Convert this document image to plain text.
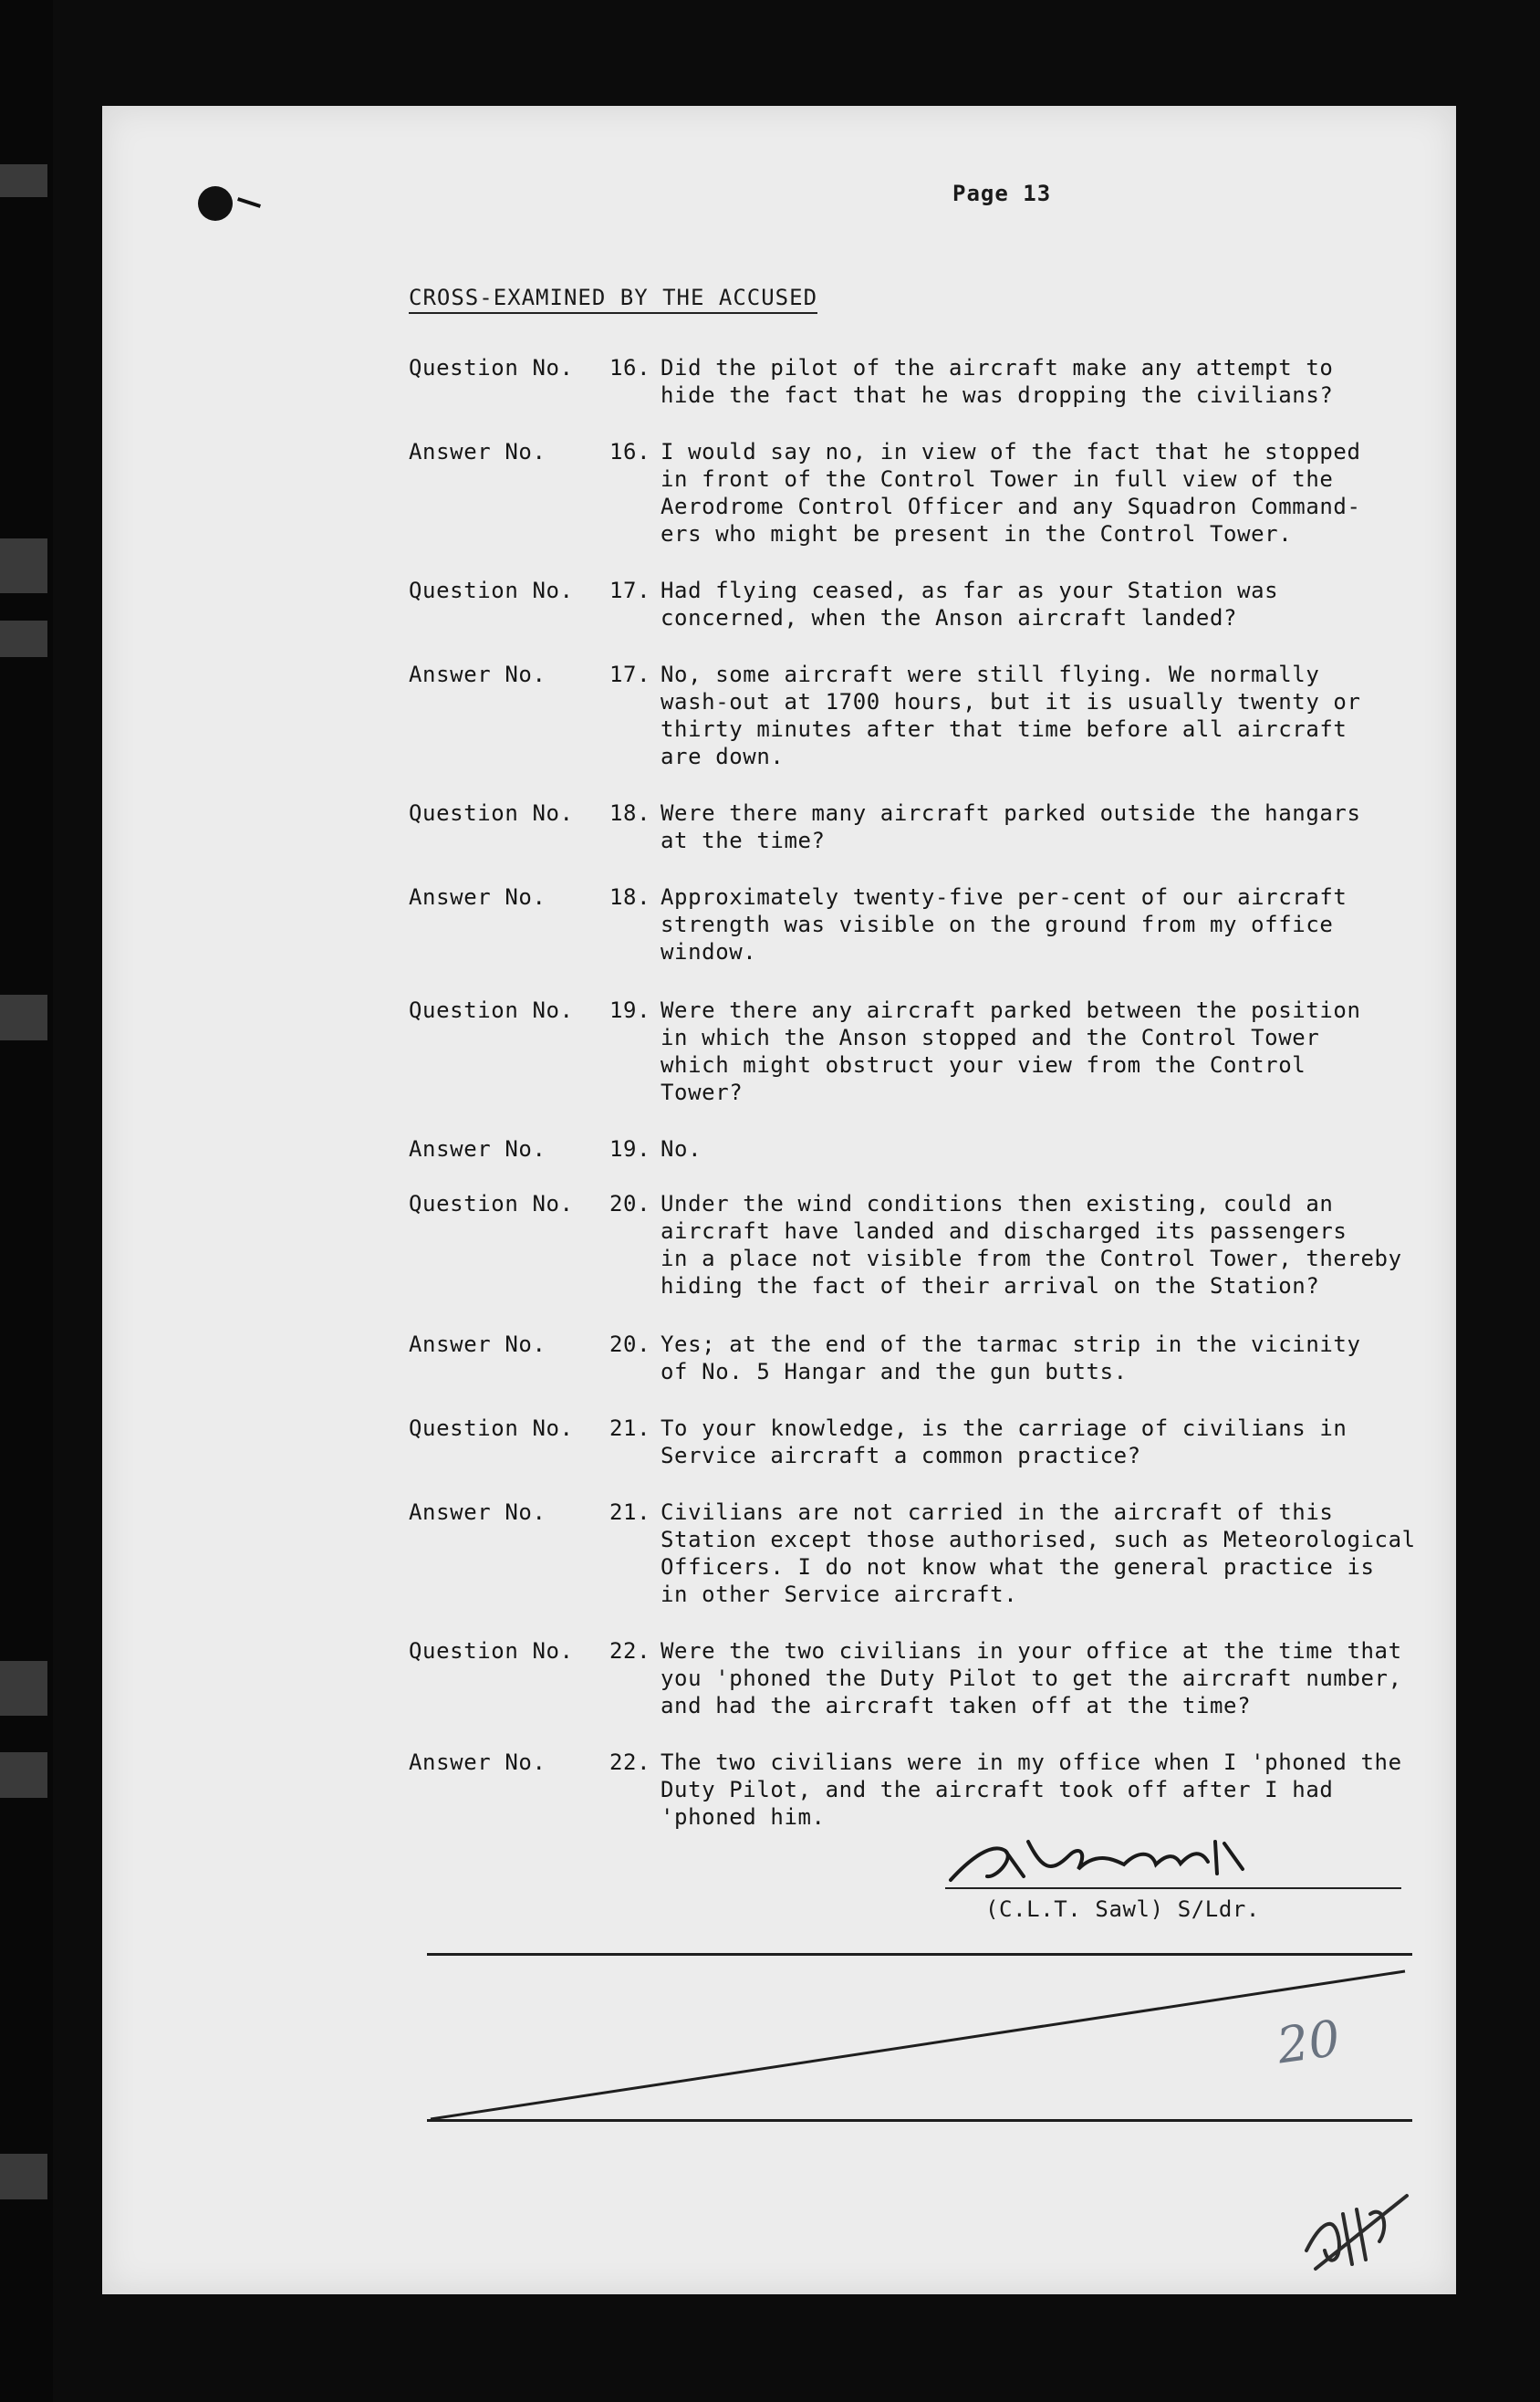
Page 13
CROSS-EXAMINED BY THE ACCUSED
Question No.	16. Did the pilot of the aircraft make any attempt to
hide the fact that he was dropping the civilians?
Answer No.	16. I would say no, in view of the fact that he stopped
in front of the Control Tower in full view of the
Aerodrome Control Officer and any Squadron Command-
ers who might be present in the Control Tower.
Question No.	17. Had flying ceased, as far as your Station was
concerned, when the Anson aircraft landed?
Answer No.	17. No, some aircraft were still flying. We normally
wash-out at 1700 hours, but it is usually twenty or
thirty minutes after that time before all aircraft
are down.
Question No.	18. Were there many aircraft parked outside the hangars
at the time?
Answer No.	18. Approximately twenty-five per-cent of our aircraft
strength was visible on the ground from my office
window.
Question No.	19. Were there any aircraft parked between the position
in which the Anson stopped and the Control Tower
which might obstruct your view from the Control
Tower?
Answer No.	19. No.
Question No.	20. Under the wind conditions then existing, could an
aircraft have landed and discharged its passengers
in a place not visible from the Control Tower, thereby
hiding the fact of their arrival on the Station?
Answer No.	20. Yes; at the end of the tarmac strip in the vicinity
of No. 5 Hangar and the gun butts.
Question No.	21. To your knowledge, is the carriage of civilians in
Service aircraft a common practice?
Answer No.	21. Civilians are not carried in the aircraft of this
Station except those authorised, such as Meteorological
Officers. I do not know what the general practice is
in other Service aircraft.
Question No.	22. Were the two civilians in your office at the time that
you 'phoned the Duty Pilot to get the aircraft number,
and had the aircraft taken off at the time?
Answer No.	22. The two civilians were in my office when I 'phoned the
Duty Pilot, and the aircraft took off after I had
'phoned him.
(C.L.T. Sawl) S/Ldr.
20
